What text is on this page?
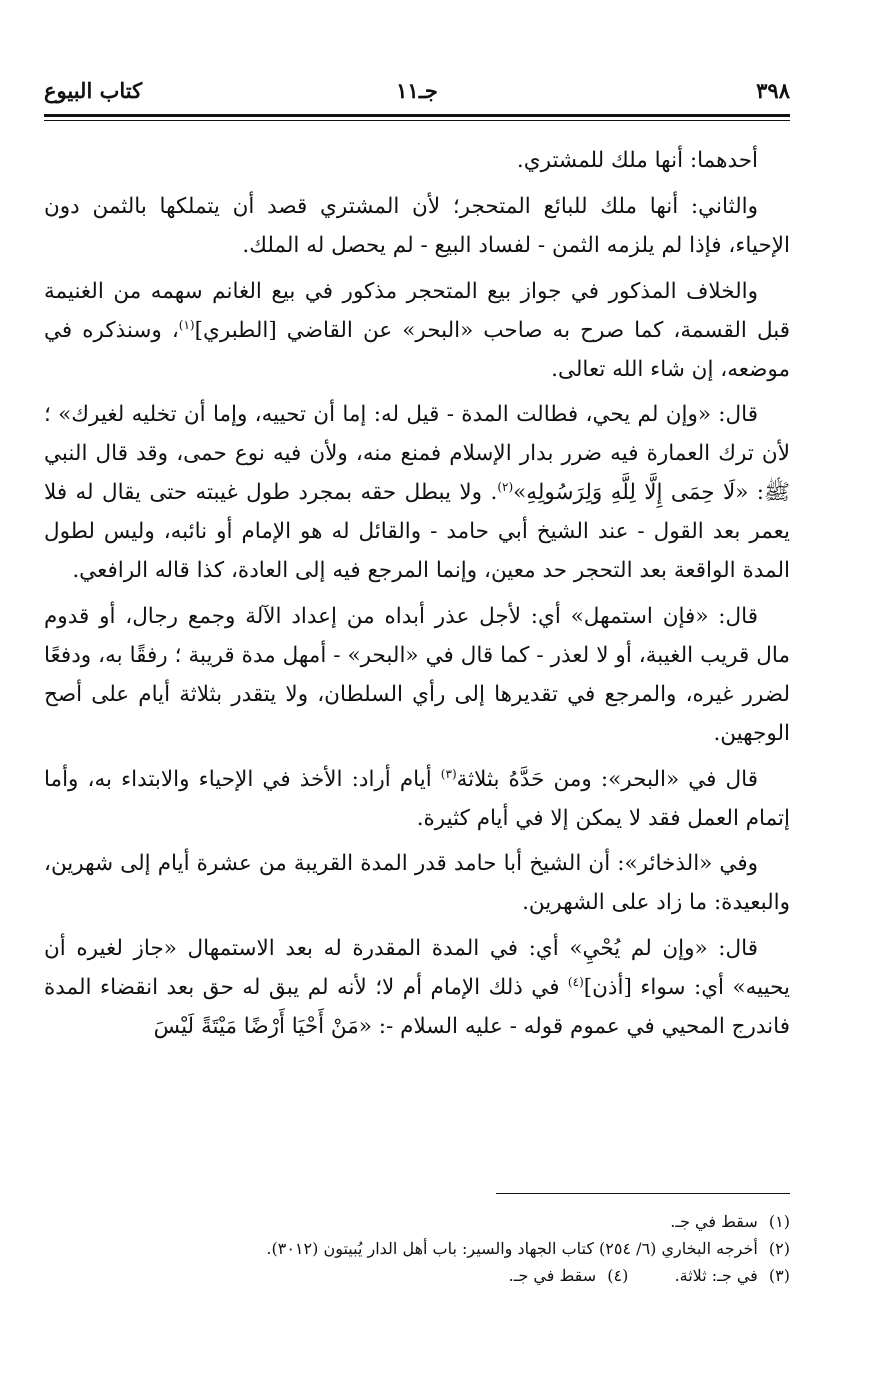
٣٩٨
جـ١١
كتاب البيوع

أحدهما: أنها ملك للمشتري.

والثاني: أنها ملك للبائع المتحجر؛ لأن المشتري قصد أن يتملكها بالثمن دون الإحياء، فإذا لم يلزمه الثمن - لفساد البيع - لم يحصل له الملك.

والخلاف المذكور في جواز بيع المتحجر مذكور في بيع الغانم سهمه من الغنيمة قبل القسمة، كما صرح به صاحب «البحر» عن القاضي [الطبري]$^{(١)}$، وسنذكره في موضعه، إن شاء الله تعالى.

قال: «وإن لم يحي، فطالت المدة - قيل له: إما أن تحييه، وإما أن تخليه لغيرك» ؛ لأن ترك العمارة فيه ضرر بدار الإسلام فمنع منه، ولأن فيه نوع حمى، وقد قال النبي ﷺ: «لَا حِمَى إِلَّا لِلَّهِ وَلِرَسُولِهِ»$^{(٢)}$. ولا يبطل حقه بمجرد طول غيبته حتى يقال له فلا يعمر بعد القول - عند الشيخ أبي حامد - والقائل له هو الإمام أو نائبه، وليس لطول المدة الواقعة بعد التحجر حد معين، وإنما المرجع فيه إلى العادة، كذا قاله الرافعي.

قال: «فإن استمهل» أي: لأجل عذر أبداه من إعداد الآلة وجمع رجال، أو قدوم مال قريب الغيبة، أو لا لعذر - كما قال في «البحر» - أمهل مدة قريبة ؛ رفقًا به، ودفعًا لضرر غيره، والمرجع في تقديرها إلى رأي السلطان، ولا يتقدر بثلاثة أيام على أصح الوجهين.

قال في «البحر»: ومن حَدَّهُ بثلاثة$^{(٣)}$ أيام أراد: الأخذ في الإحياء والابتداء به، وأما إتمام العمل فقد لا يمكن إلا في أيام كثيرة.

وفي «الذخائر»: أن الشيخ أبا حامد قدر المدة القريبة من عشرة أيام إلى شهرين، والبعيدة: ما زاد على الشهرين.

قال: «وإن لم يُحْيِ» أي: في المدة المقدرة له بعد الاستمهال «جاز لغيره أن يحييه» أي: سواء [أذن]$^{(٤)}$ في ذلك الإمام أم لا؛ لأنه لم يبق له حق بعد انقضاء المدة فاندرج المحيي في عموم قوله - عليه السلام -: «مَنْ أَحْيَا أَرْضًا مَيْتَةً لَيْسَ

(١) سقط في جـ.

(٢) أخرجه البخاري (٦/ ٢٥٤) كتاب الجهاد والسير: باب أهل الدار يُبيتون (٣٠١٢).

(٣) في جـ: ثلاثة.  (٤) سقط في جـ.
